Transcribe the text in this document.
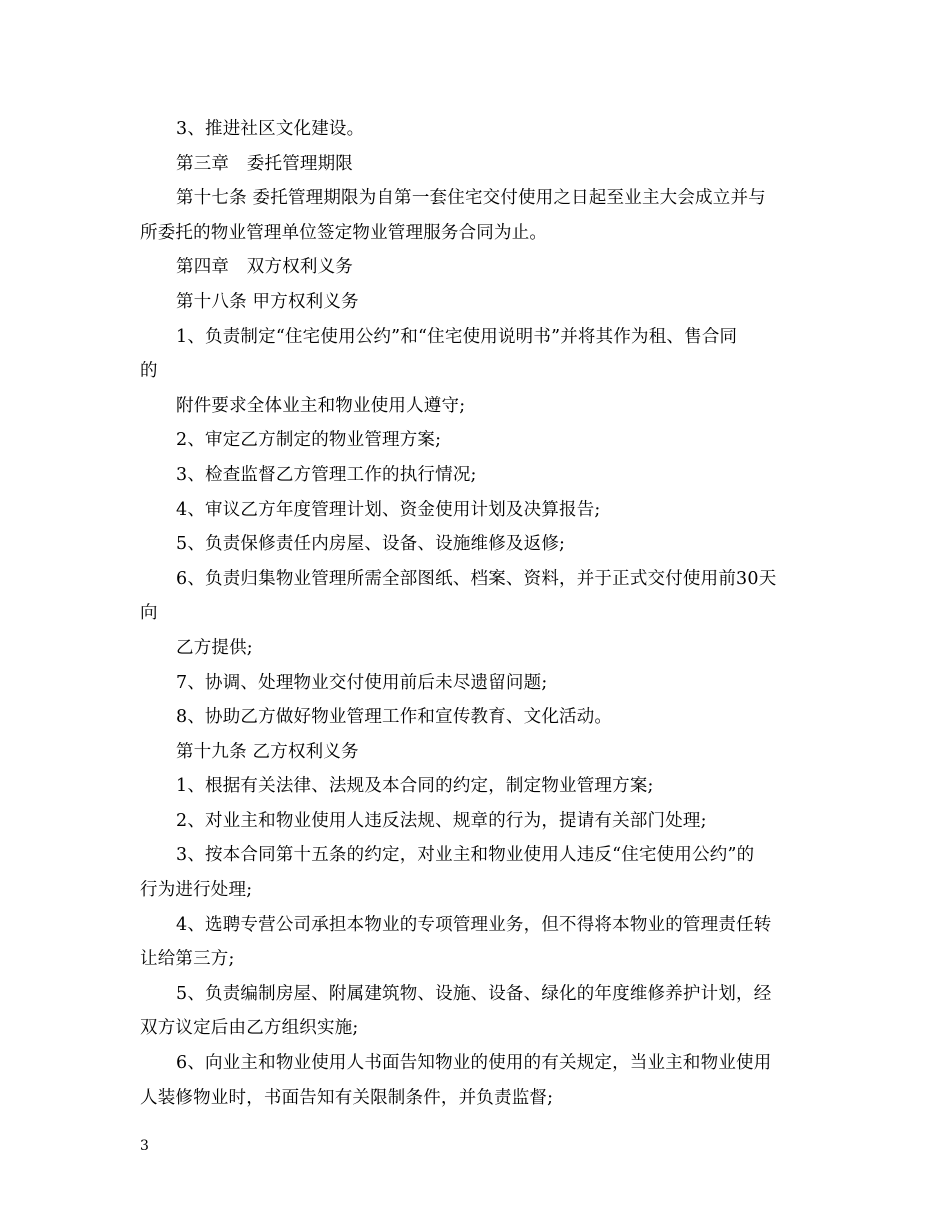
3、推进社区文化建设。
第三章　委托管理期限
第十七条 委托管理期限为自第一套住宅交付使用之日起至业主大会成立并与
所委托的物业管理单位签定物业管理服务合同为止。
第四章　双方权利义务
第十八条 甲方权利义务
1、负责制定“住宅使用公约”和“住宅使用说明书”并将其作为租、售合同
的
附件要求全体业主和物业使用人遵守;
2、审定乙方制定的物业管理方案;
3、检查监督乙方管理工作的执行情况;
4、审议乙方年度管理计划、资金使用计划及决算报告;
5、负责保修责任内房屋、设备、设施维修及返修;
6、负责归集物业管理所需全部图纸、档案、资料，并于正式交付使用前30天
向
乙方提供;
7、协调、处理物业交付使用前后未尽遗留问题;
8、协助乙方做好物业管理工作和宣传教育、文化活动。
第十九条 乙方权利义务
1、根据有关法律、法规及本合同的约定，制定物业管理方案;
2、对业主和物业使用人违反法规、规章的行为，提请有关部门处理;
3、按本合同第十五条的约定，对业主和物业使用人违反“住宅使用公约”的
行为进行处理;
4、选聘专营公司承担本物业的专项管理业务，但不得将本物业的管理责任转
让给第三方;
5、负责编制房屋、附属建筑物、设施、设备、绿化的年度维修养护计划，经
双方议定后由乙方组织实施;
6、向业主和物业使用人书面告知物业的使用的有关规定，当业主和物业使用
人装修物业时，书面告知有关限制条件，并负责监督;
3
